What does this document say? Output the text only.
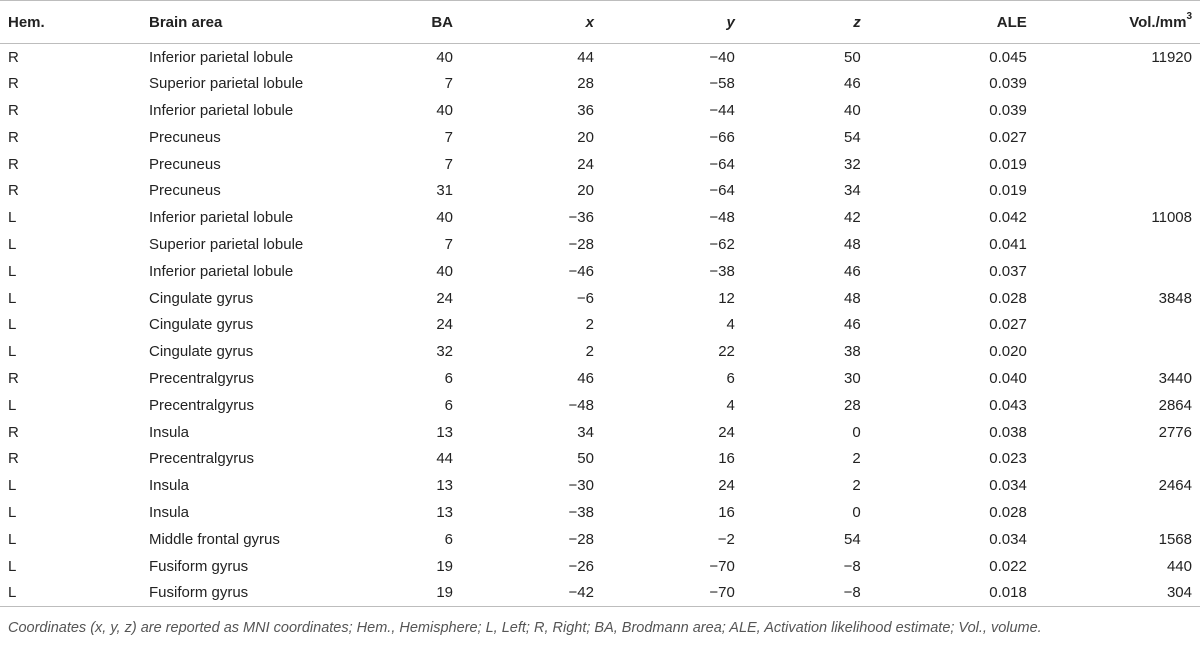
Hem.	Brain area	BA	x	y	z	ALE	$Vol./mm^3$
R	Inferior parietal lobule	40	44	−40	50	0.045	11920
R	Superior parietal lobule	7	28	−58	46	0.039	
R	Inferior parietal lobule	40	36	−44	40	0.039	
R	Precuneus	7	20	−66	54	0.027	
R	Precuneus	7	24	−64	32	0.019	
R	Precuneus	31	20	−64	34	0.019	
L	Inferior parietal lobule	40	−36	−48	42	0.042	11008
L	Superior parietal lobule	7	−28	−62	48	0.041	
L	Inferior parietal lobule	40	−46	−38	46	0.037	
L	Cingulate gyrus	24	−6	12	48	0.028	3848
L	Cingulate gyrus	24	2	4	46	0.027	
L	Cingulate gyrus	32	2	22	38	0.020	
R	Precentralgyrus	6	46	6	30	0.040	3440
L	Precentralgyrus	6	−48	4	28	0.043	2864
R	Insula	13	34	24	0	0.038	2776
R	Precentralgyrus	44	50	16	2	0.023	
L	Insula	13	−30	24	2	0.034	2464
L	Insula	13	−38	16	0	0.028	
L	Middle frontal gyrus	6	−28	−2	54	0.034	1568
L	Fusiform gyrus	19	−26	−70	−8	0.022	440
L	Fusiform gyrus	19	−42	−70	−8	0.018	304
Coordinates (x, y, z) are reported as MNI coordinates; Hem., Hemisphere; L, Left; R, Right; BA, Brodmann area; ALE, Activation likelihood estimate; Vol., volume.
